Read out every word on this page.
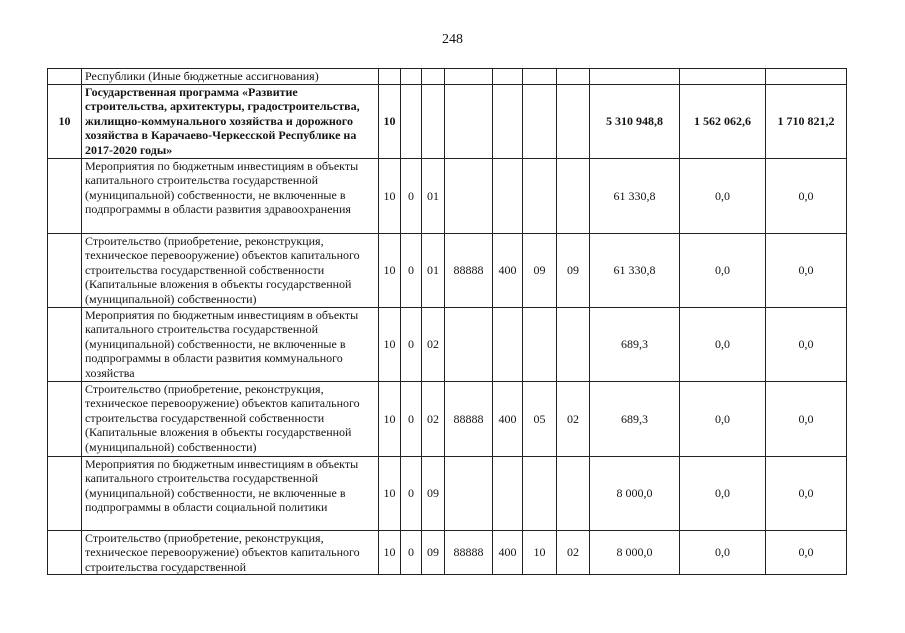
248
	Республики (Иные бюджетные ассигнования)										
10	Государственная программа «Развитие строительства, архитектуры, градостроительства, жилищно-коммунального хозяйства и дорожного хозяйства в Карачаево-Черкесской Республике на 2017-2020 годы»	10							5 310 948,8	1 562 062,6	1 710 821,2
	Мероприятия по бюджетным инвестициям в объекты капитального строительства государственной (муниципальной) собственности, не включенные в подпрограммы в области развития здравоохранения	10	0	01					61 330,8	0,0	0,0
	Строительство (приобретение, реконструкция, техническое перевооружение) объектов капитального строительства государственной собственности (Капитальные вложения в объекты государственной (муниципальной) собственности)	10	0	01	88888	400	09	09	61 330,8	0,0	0,0
	Мероприятия по бюджетным инвестициям в объекты капитального строительства государственной (муниципальной) собственности, не включенные в подпрограммы в области развития коммунального хозяйства	10	0	02					689,3	0,0	0,0
	Строительство (приобретение, реконструкция, техническое перевооружение) объектов капитального строительства государственной собственности (Капитальные вложения в объекты государственной (муниципальной) собственности)	10	0	02	88888	400	05	02	689,3	0,0	0,0
	Мероприятия по бюджетным инвестициям в объекты капитального строительства государственной (муниципальной) собственности, не включенные в подпрограммы в области социальной политики	10	0	09					8 000,0	0,0	0,0
	Строительство (приобретение, реконструкция, техническое перевооружение) объектов капитального строительства государственной	10	0	09	88888	400	10	02	8 000,0	0,0	0,0
